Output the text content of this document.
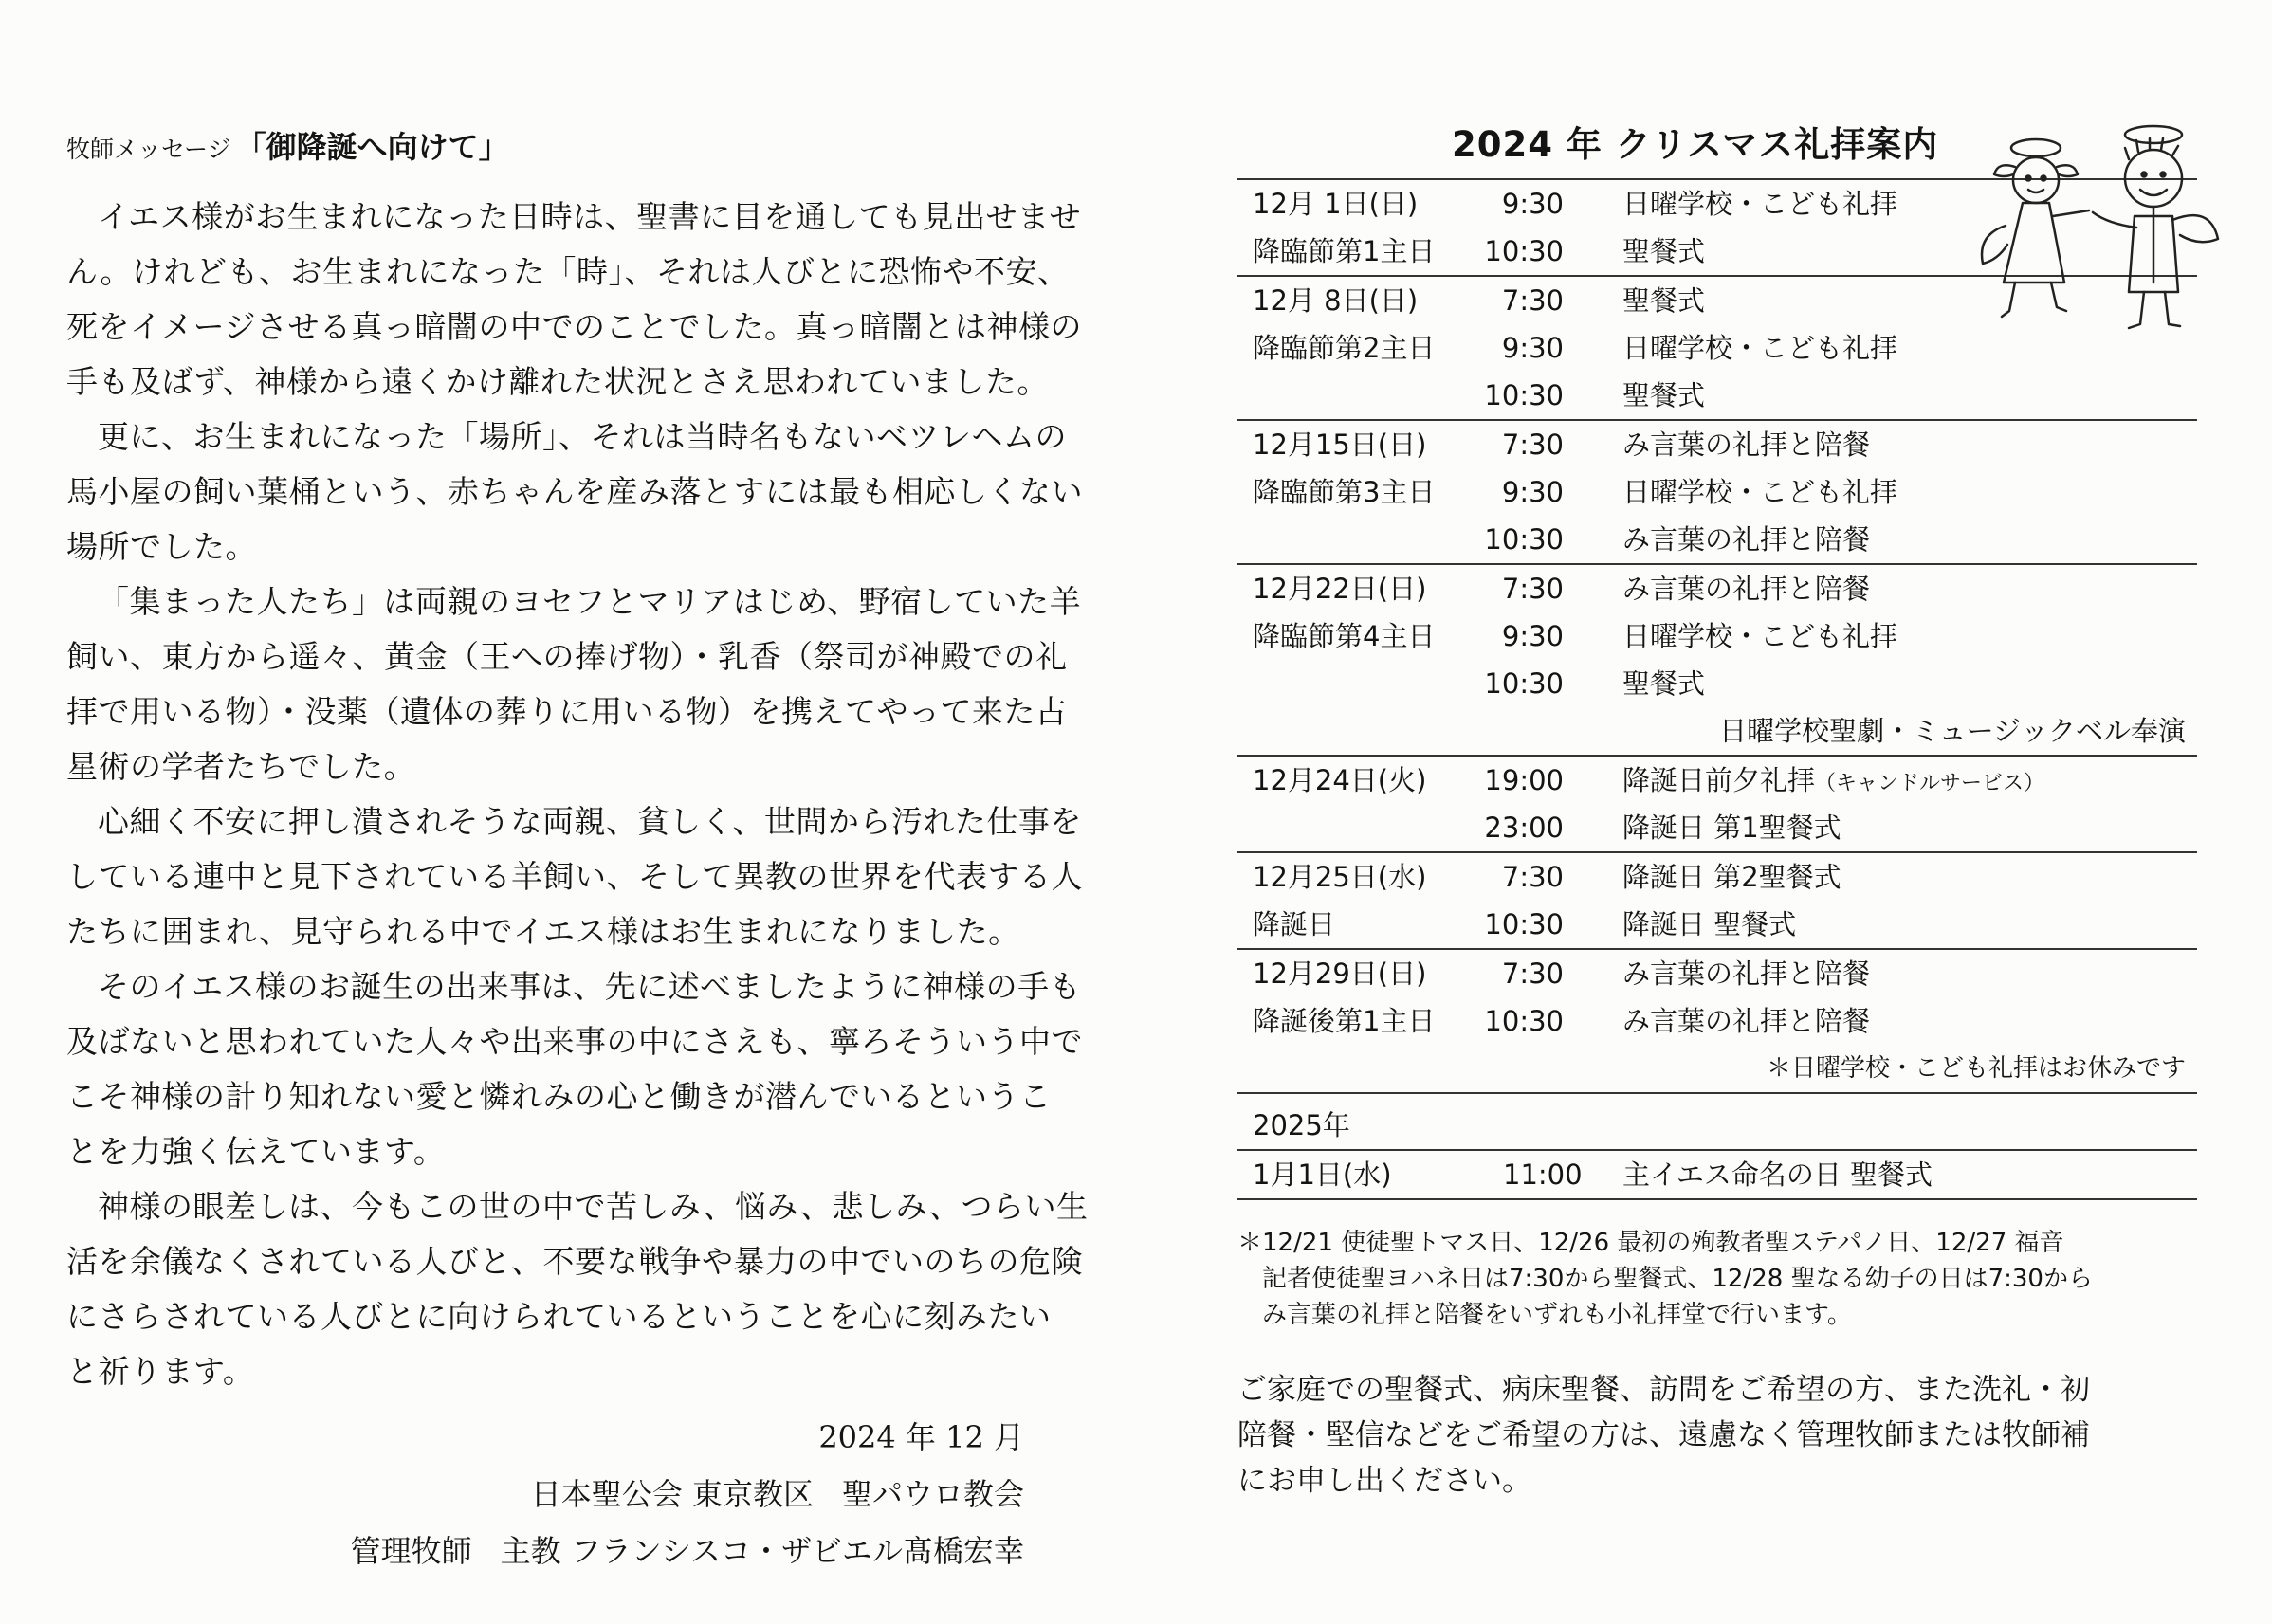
牧師メッセージ 「御降誕へ向けて」
イエス様がお生まれになった日時は、聖書に目を通しても見出せませ
ん。けれども、お生まれになった「時」、それは人びとに恐怖や不安、
死をイメージさせる真っ暗闇の中でのことでした。真っ暗闇とは神様の
手も及ばず、神様から遠くかけ離れた状況とさえ思われていました。
更に、お生まれになった「場所」、それは当時名もないベツレヘムの
馬小屋の飼い葉桶という、赤ちゃんを産み落とすには最も相応しくない
場所でした。
「集まった人たち」は両親のヨセフとマリアはじめ、野宿していた羊
飼い、東方から遥々、黄金（王への捧げ物）・乳香（祭司が神殿での礼
拝で用いる物）・没薬（遺体の葬りに用いる物）を携えてやって来た占
星術の学者たちでした。
心細く不安に押し潰されそうな両親、貧しく、世間から汚れた仕事を
している連中と見下されている羊飼い、そして異教の世界を代表する人
たちに囲まれ、見守られる中でイエス様はお生まれになりました。
そのイエス様のお誕生の出来事は、先に述べましたように神様の手も
及ばないと思われていた人々や出来事の中にさえも、寧ろそういう中で
こそ神様の計り知れない愛と憐れみの心と働きが潜んでいるというこ
とを力強く伝えています。
神様の眼差しは、今もこの世の中で苦しみ、悩み、悲しみ、つらい生
活を余儀なくされている人びと、不要な戦争や暴力の中でいのちの危険
にさらされている人びとに向けられているということを心に刻みたい
と祈ります。
2024 年 12 月
日本聖公会 東京教区 聖パウロ教会
管理牧師 主教 フランシスコ・ザビエル髙橋宏幸
2024 年 クリスマス礼拝案内
12月 1日(日)	9:30 日曜学校・こども礼拝
降臨節第1主日	10:30 聖餐式
12月 8日(日)	7:30 聖餐式
降臨節第2主日	9:30 日曜学校・こども礼拝
10:30 聖餐式
12月15日(日)	7:30 み言葉の礼拝と陪餐
降臨節第3主日	9:30 日曜学校・こども礼拝
10:30 み言葉の礼拝と陪餐
12月22日(日)	7:30 み言葉の礼拝と陪餐
降臨節第4主日	9:30 日曜学校・こども礼拝
10:30 聖餐式
日曜学校聖劇・ミュージックベル奉演
12月24日(火)	19:00 降誕日前夕礼拝（キャンドルサービス）
23:00 降誕日 第1聖餐式
12月25日(水)	7:30 降誕日 第2聖餐式
降誕日	10:30 降誕日 聖餐式
12月29日(日)	7:30 み言葉の礼拝と陪餐
降誕後第1主日	10:30 み言葉の礼拝と陪餐
＊日曜学校・こども礼拝はお休みです
2025年
1月1日(水)	11:00 主イエス命名の日 聖餐式
＊12/21 使徒聖トマス日、12/26 最初の殉教者聖ステパノ日、12/27 福音
記者使徒聖ヨハネ日は7:30から聖餐式、12/28 聖なる幼子の日は7:30から
み言葉の礼拝と陪餐をいずれも小礼拝堂で行います。
ご家庭での聖餐式、病床聖餐、訪問をご希望の方、また洗礼・初
陪餐・堅信などをご希望の方は、遠慮なく管理牧師または牧師補
にお申し出ください。
